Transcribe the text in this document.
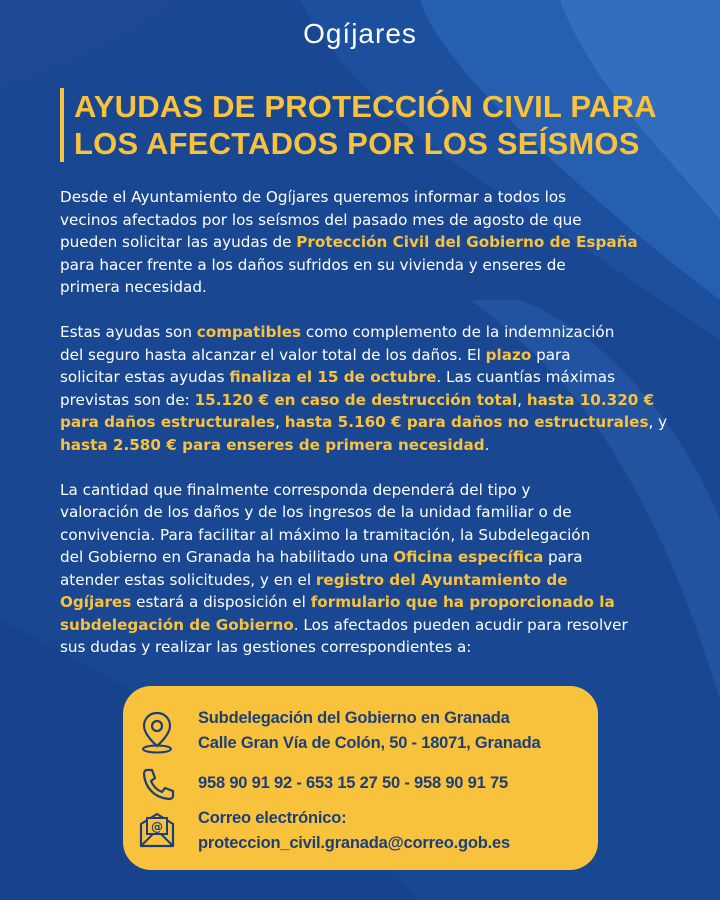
Ogíjares
AYUDAS DE PROTECCIÓN CIVIL PARA
LOS AFECTADOS POR LOS SEÍSMOS

Desde el Ayuntamiento de Ogíjares queremos informar a todos los
vecinos afectados por los seísmos del pasado mes de agosto de que
pueden solicitar las ayudas de Protección Civil del Gobierno de España
para hacer frente a los daños sufridos en su vivienda y enseres de
primera necesidad.

Estas ayudas son compatibles como complemento de la indemnización
del seguro hasta alcanzar el valor total de los daños. El plazo para
solicitar estas ayudas finaliza el 15 de octubre. Las cuantías máximas
previstas son de: 15.120 € en caso de destrucción total, hasta 10.320 €
para daños estructurales, hasta 5.160 € para daños no estructurales, y
hasta 2.580 € para enseres de primera necesidad.

La cantidad que finalmente corresponda dependerá del tipo y
valoración de los daños y de los ingresos de la unidad familiar o de
convivencia. Para facilitar al máximo la tramitación, la Subdelegación
del Gobierno en Granada ha habilitado una Oficina específica para
atender estas solicitudes, y en el registro del Ayuntamiento de
Ogíjares estará a disposición el formulario que ha proporcionado la
subdelegación de Gobierno. Los afectados pueden acudir para resolver
sus dudas y realizar las gestiones correspondientes a:

Subdelegación del Gobierno en Granada
Calle Gran Vía de Colón, 50 - 18071, Granada
958 90 91 92 - 653 15 27 50 - 958 90 91 75
@ Correo electrónico:
proteccion_civil.granada@correo.gob.es
